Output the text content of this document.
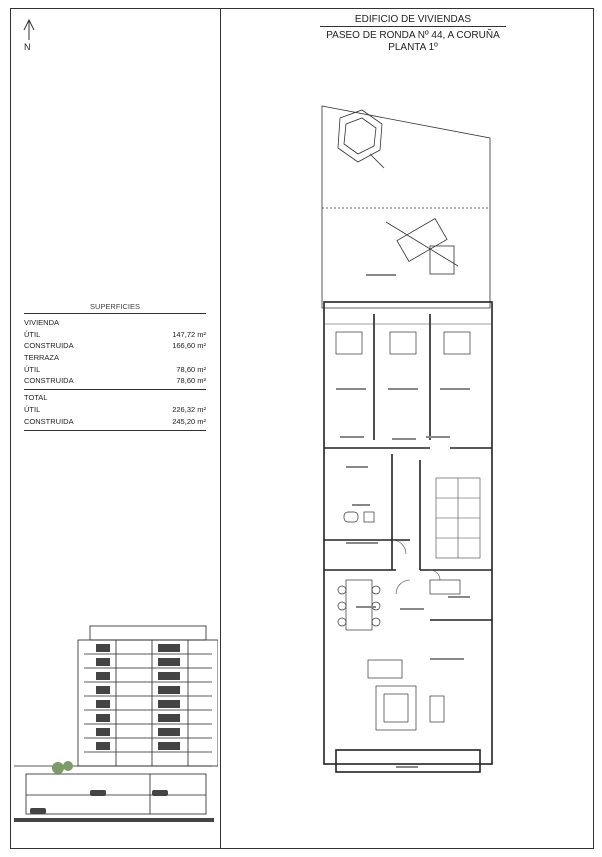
N
EDIFICIO DE VIVIENDAS
PASEO DE RONDA Nº 44, A CORUÑA
PLANTA 1º
SUPERFICIES
VIVIENDA
ÚTIL	147,72 m²
CONSTRUIDA	166,60 m²
TERRAZA
ÚTIL	78,60 m²
CONSTRUIDA	78,60 m²
TOTAL
ÚTIL	226,32 m²
CONSTRUIDA	245,20 m²
